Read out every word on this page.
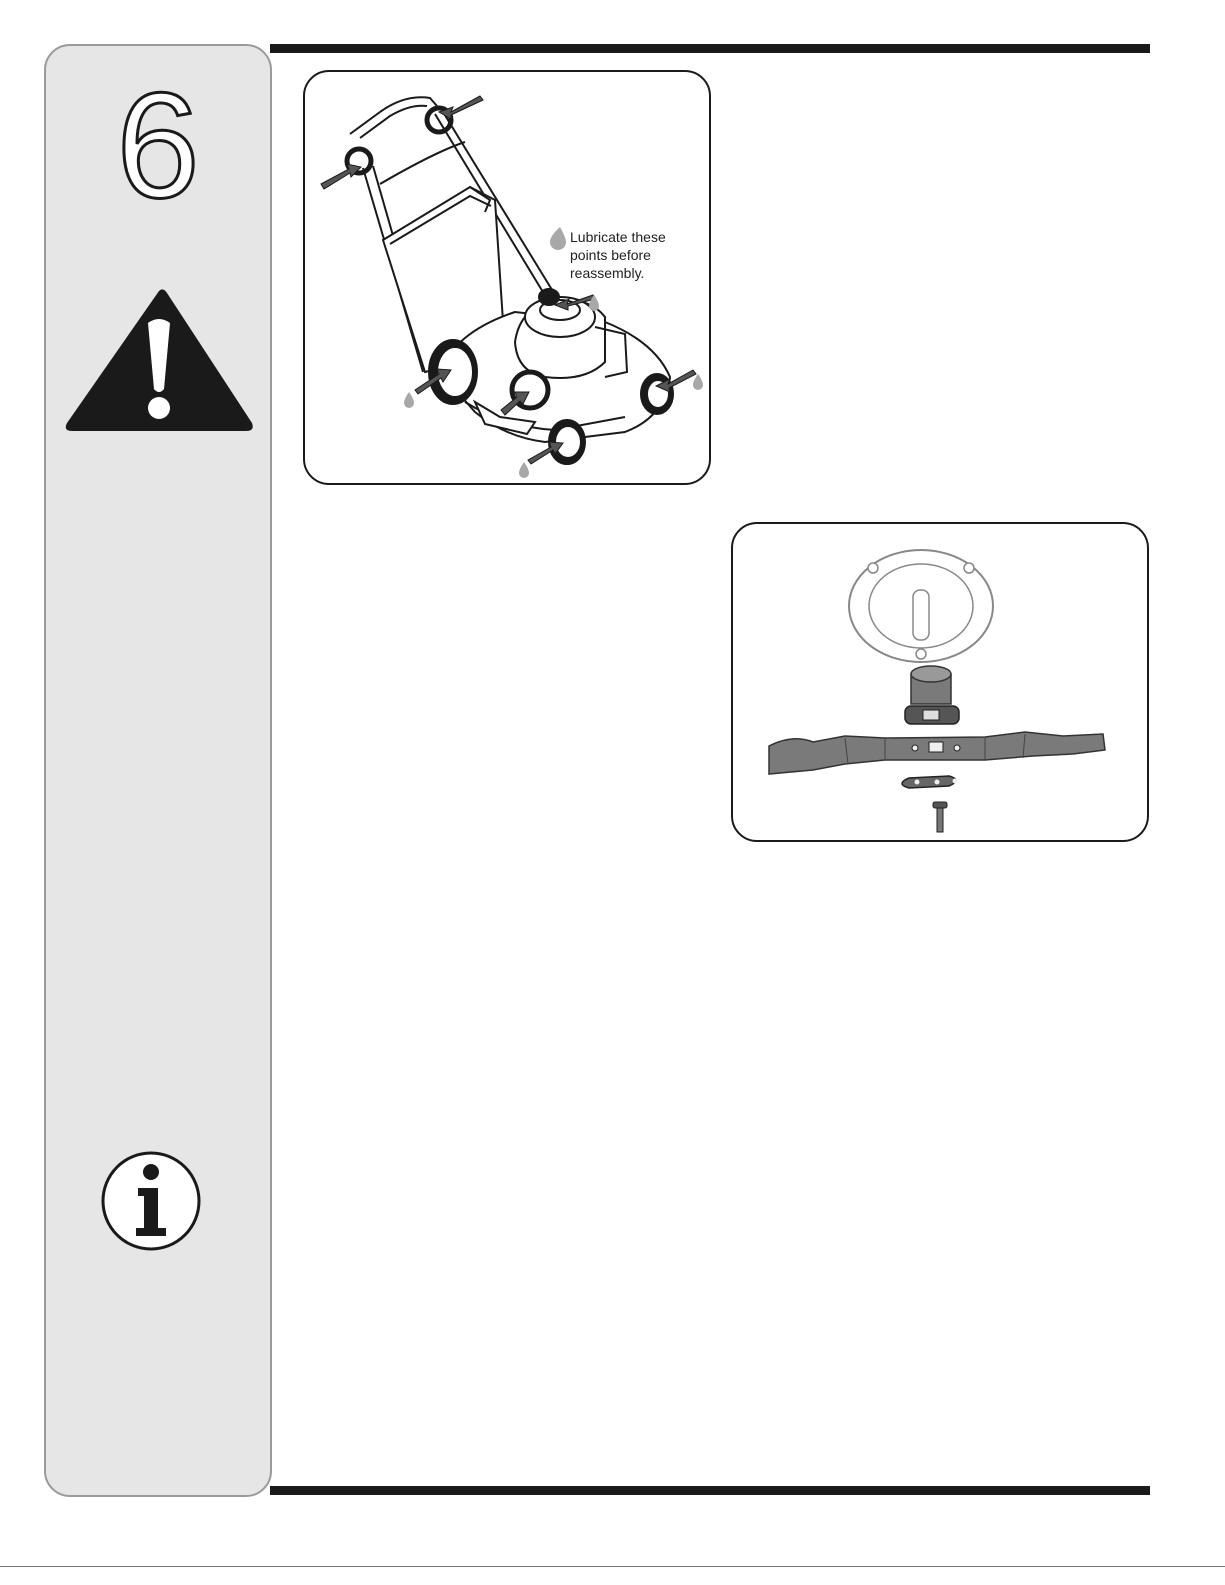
6
Lubricate these
points before
reassembly.
